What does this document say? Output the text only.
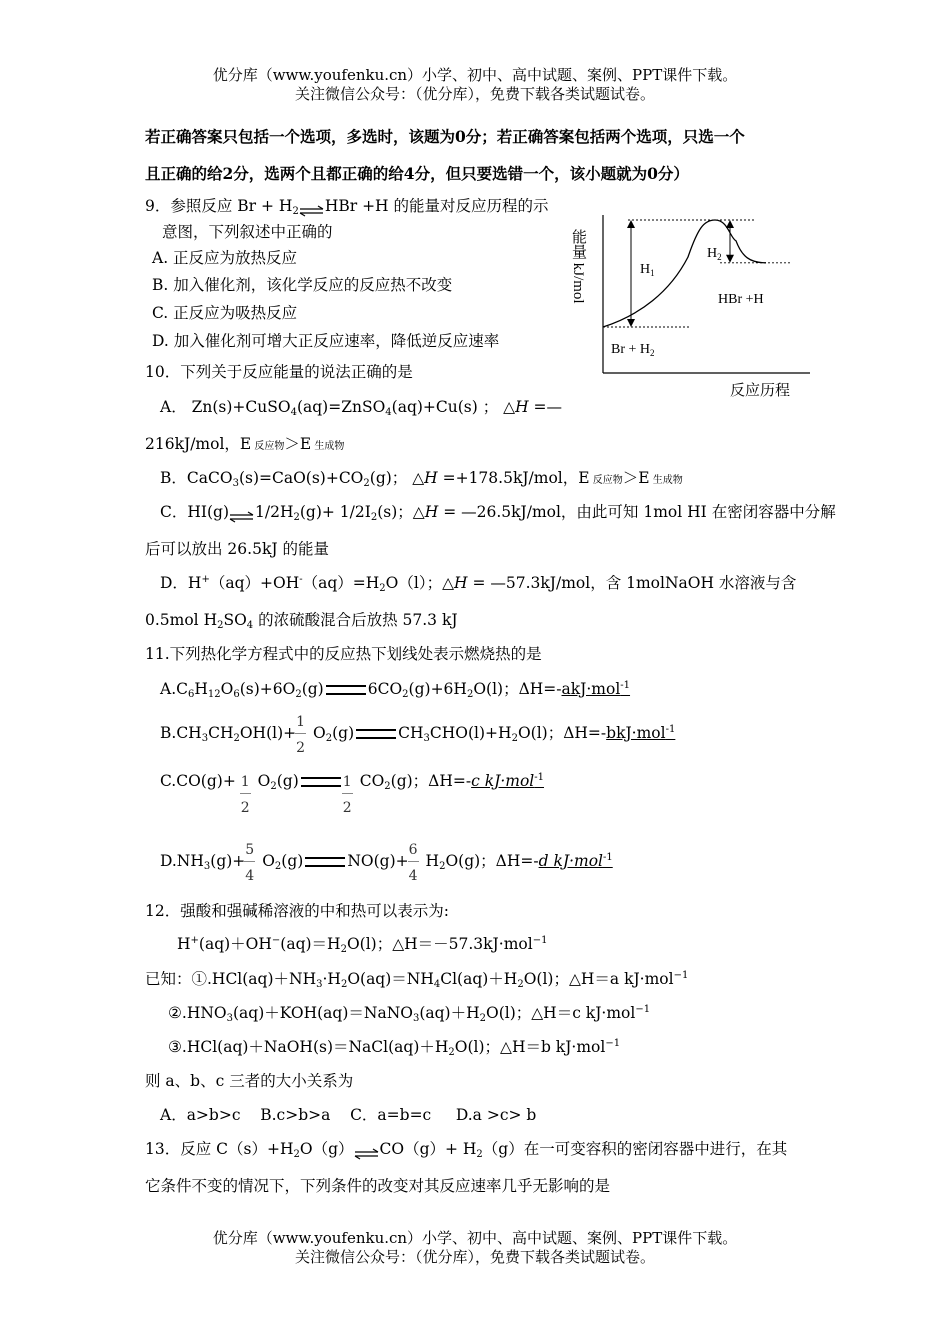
优分库（www.youfenku.cn）小学、初中、高中试题、案例、PPT课件下载。
关注微信公众号：（优分库），免费下载各类试题试卷。
若正确答案只包括一个选项，多选时，该题为0分；若正确答案包括两个选项，只选一个
且正确的给2分，选两个且都正确的给4分，但只要选错一个，该小题就为0分）
9．参照反应 $Br + H_2\rightleftharpoons HBr +H$ 的能量对反应历程的示
意图，下列叙述中正确的
A. 正反应为放热反应
B. 加入催化剂，该化学反应的反应热不改变
C. 正反应为吸热反应
D. 加入催化剂可增大正反应速率，降低逆反应速率
能量 kJ/mol	$H_1$
$H_2$
HBr +H
$Br + H_2$
反应历程
10．下列关于反应能量的说法正确的是
A． Zn(s)+CuSO$_4$(aq)=ZnSO$_4$(aq)+Cu(s) ； △H =—
216kJ/mol，E 反应物＞E 生成物
B．$CaCO_3(s)=CaO(s)+CO_2(g)$； △H =+178.5kJ/mol，E 反应物＞E 生成物
C．$HI(g)\rightleftharpoons 1/2H_2(g)+ 1/2I_2(s)$；△H = —26.5kJ/mol，由此可知 1mol HI 在密闭容器中分解
后可以放出 26.5kJ 的能量
D．$H^+(aq)+OH^-(aq)=H_2O(l)$；△H = —57.3kJ/mol，含 1molNaOH 水溶液与含
0.5mol $H_2SO_4$ 的浓硫酸混合后放热 57.3 kJ
11.下列热化学方程式中的反应热下划线处表示燃烧热的是
$A.C_6H_{12}O_6(s)+6O_2(g)$	$6CO_2(g)+6H_2O(l)$；ΔH=-akJ·mol$^{-1}$
$B.CH_3CH_2OH(l)+ \frac{1}{2} O_2(g)$	$CH_3CHO(l)+H_2O(l)$；ΔH=-bkJ·mol$^{-1}$
C.CO(g)+
$\frac{1}{2}$
$O_2(g)$
$\frac{1}{2}$
$CO_2(g)$；ΔH=-c kJ·mol$^{-1}$
$D.NH_3(g)+ \frac{5}{4} O_2(g)$	$NO(g)+ \frac{6}{4} H_2O(g)$；ΔH=-d kJ·mol$^{-1}$
12．强酸和强碱稀溶液的中和热可以表示为:
$H^+(aq)+OH^-(aq)=H_2O(l)$；△H＝－57.3kJ·mol$^{-1}$
已知：$①.HCl(aq)+NH_3\cdot H_2O(aq)=NH_4Cl(aq)+H_2O(l)$；△H＝a kJ·mol$^{-1}$
$②.HNO_3(aq)+KOH(aq)=NaNO_3(aq)+H_2O(l)$；△H＝c kJ·mol$^{-1}$
$③.HCl(aq)+NaOH(s)=NaCl(aq)+H_2O(l)$；△H＝b kJ·mol$^{-1}$
则 a、b、c 三者的大小关系为
A．a>b>c    B.c>b>a    C．a=b=c     D.a >c> b
13．反应 $C(s)+H_2O(g)\rightleftharpoons CO(g)+ H_2(g)$在一可变容积的密闭容器中进行，在其
它条件不变的情况下，下列条件的改变对其反应速率几乎无影响的是
优分库（www.youfenku.cn）小学、初中、高中试题、案例、PPT课件下载。
关注微信公众号：（优分库），免费下载各类试题试卷。
